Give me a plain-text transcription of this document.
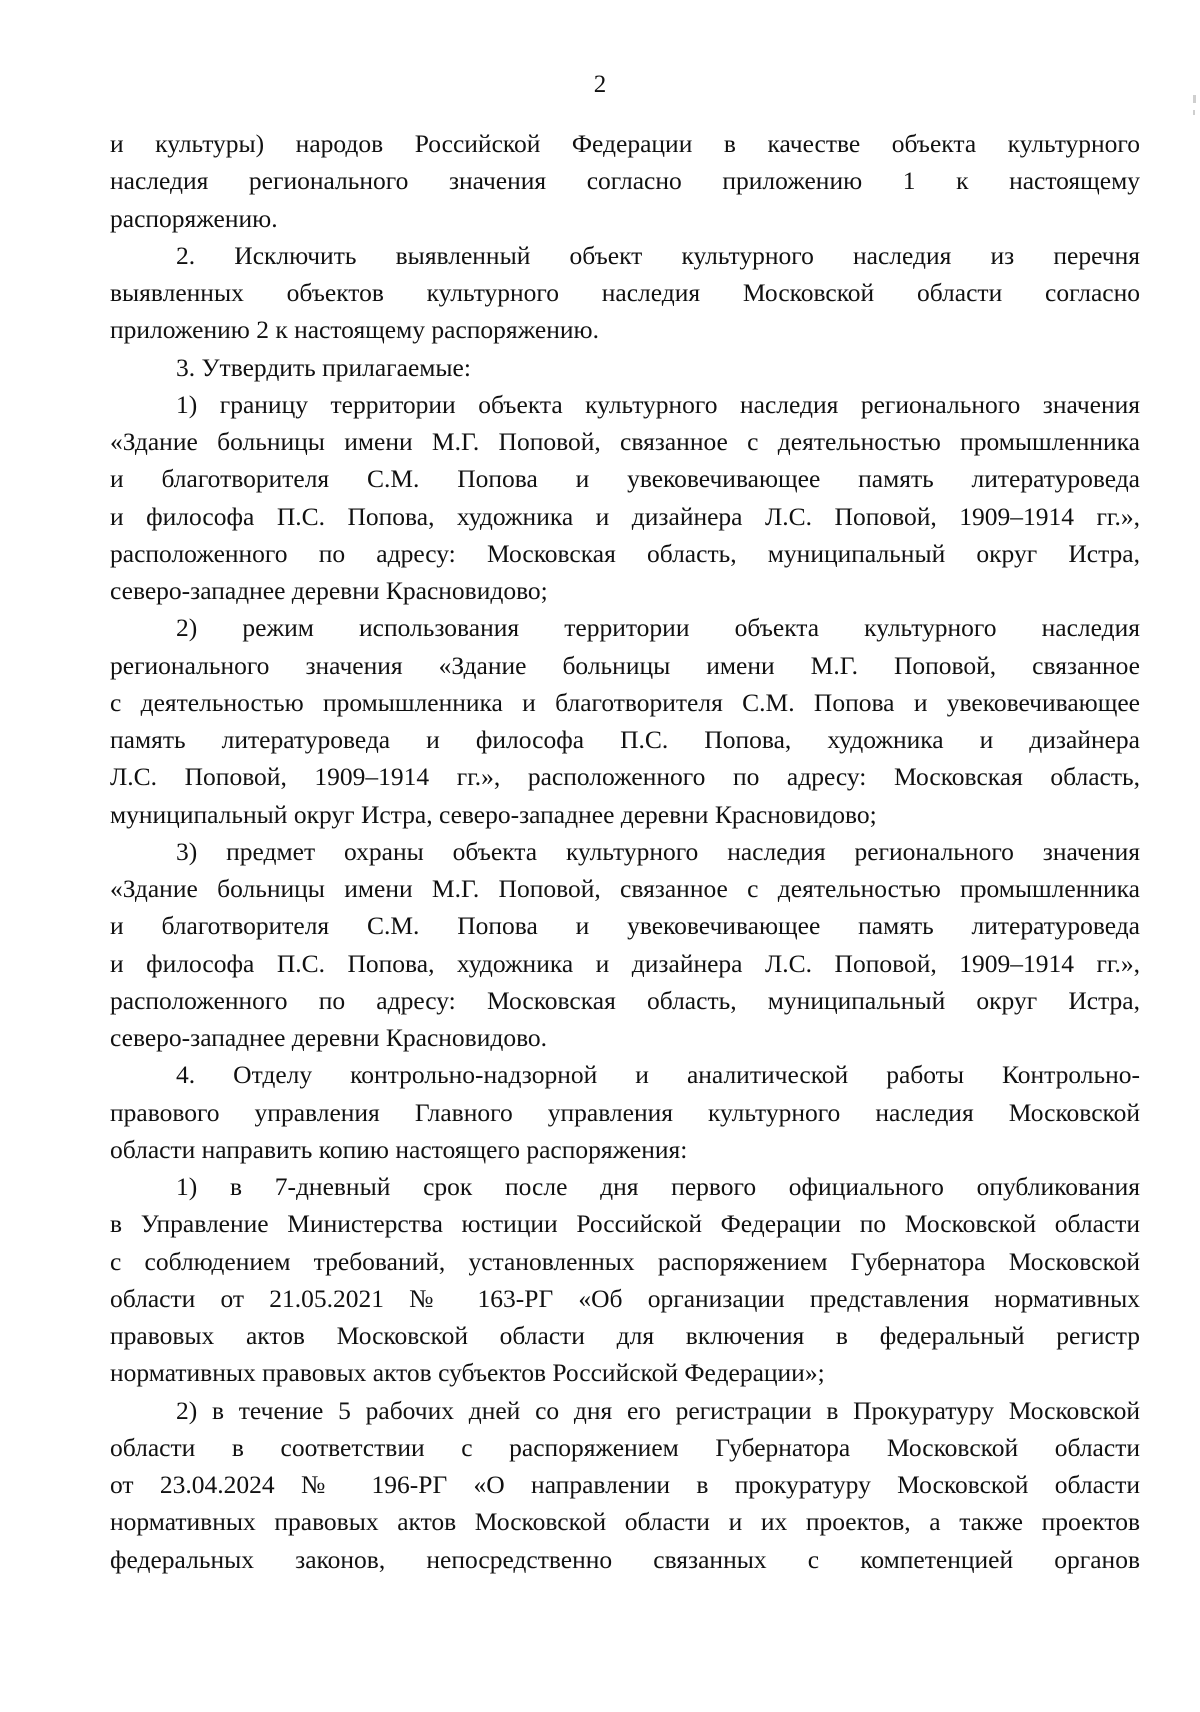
2
и культуры) народов Российской Федерации в качестве объекта культурного
наследия регионального значения согласно приложению 1 к настоящему
распоряжению.
2. Исключить выявленный объект культурного наследия из перечня
выявленных объектов культурного наследия Московской области согласно
приложению 2 к настоящему распоряжению.
3. Утвердить прилагаемые:
1) границу территории объекта культурного наследия регионального значения
«Здание больницы имени М.Г. Поповой, связанное с деятельностью промышленника
и благотворителя С.М. Попова и увековечивающее память литературоведа
и философа П.С. Попова, художника и дизайнера Л.С. Поповой, 1909–1914 гг.»,
расположенного по адресу: Московская область, муниципальный округ Истра,
северо-западнее деревни Красновидово;
2) режим использования территории объекта культурного наследия
регионального значения «Здание больницы имени М.Г. Поповой, связанное
с деятельностью промышленника и благотворителя С.М. Попова и увековечивающее
память литературоведа и философа П.С. Попова, художника и дизайнера
Л.С. Поповой, 1909–1914 гг.», расположенного по адресу: Московская область,
муниципальный округ Истра, северо-западнее деревни Красновидово;
3) предмет охраны объекта культурного наследия регионального значения
«Здание больницы имени М.Г. Поповой, связанное с деятельностью промышленника
и благотворителя С.М. Попова и увековечивающее память литературоведа
и философа П.С. Попова, художника и дизайнера Л.С. Поповой, 1909–1914 гг.»,
расположенного по адресу: Московская область, муниципальный округ Истра,
северо-западнее деревни Красновидово.
4. Отделу контрольно-надзорной и аналитической работы Контрольно-
правового управления Главного управления культурного наследия Московской
области направить копию настоящего распоряжения:
1) в 7-дневный срок после дня первого официального опубликования
в Управление Министерства юстиции Российской Федерации по Московской области
с соблюдением требований, установленных распоряжением Губернатора Московской
области от 21.05.2021 № 163-РГ «Об организации представления нормативных
правовых актов Московской области для включения в федеральный регистр
нормативных правовых актов субъектов Российской Федерации»;
2) в течение 5 рабочих дней со дня его регистрации в Прокуратуру Московской
области в соответствии с распоряжением Губернатора Московской области
от 23.04.2024 № 196-РГ «О направлении в прокуратуру Московской области
нормативных правовых актов Московской области и их проектов, а также проектов
федеральных законов, непосредственно связанных с компетенцией органов
